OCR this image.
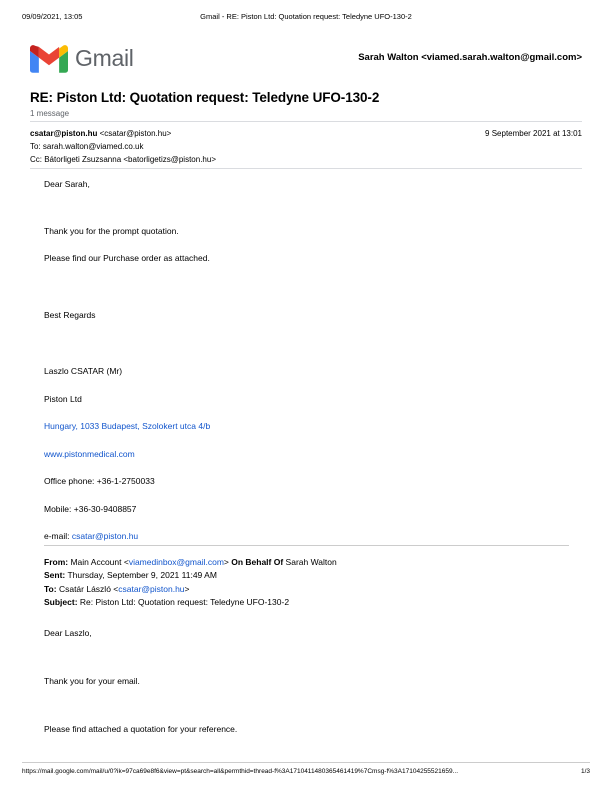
09/09/2021, 13:05	Gmail - RE: Piston Ltd: Quotation request: Teledyne UFO-130-2
Gmail	Sarah Walton <viamed.sarah.walton@gmail.com>
RE: Piston Ltd: Quotation request: Teledyne UFO-130-2
1 message
csatar@piston.hu <csatar@piston.hu>	9 September 2021 at 13:01
To: sarah.walton@viamed.co.uk
Cc: Bátorligeti Zsuzsanna <batorligetizs@piston.hu>

Dear Sarah,

Thank you for the prompt quotation.

Please find our Purchase order as attached.

Best Regards

Laszlo CSATAR (Mr)

Piston Ltd

Hungary, 1033 Budapest, Szolokert utca 4/b

www.pistonmedical.com

Office phone: +36-1-2750033

Mobile: +36-30-9408857

e-mail: csatar@piston.hu

From: Main Account <viamedinbox@gmail.com> On Behalf Of Sarah Walton

Sent: Thursday, September 9, 2021 11:49 AM

To: Csatár László <csatar@piston.hu>

Subject: Re: Piston Ltd: Quotation request: Teledyne UFO-130-2

Dear Laszlo,

Thank you for your email.

Please find attached a quotation for your reference.

https://mail.google.com/mail/u/0?ik=97ca69e8f6&view=pt&search=all&permthid=thread-f%3A1710411480365461419%7Cmsg-f%3A17104255521659...	1/3
